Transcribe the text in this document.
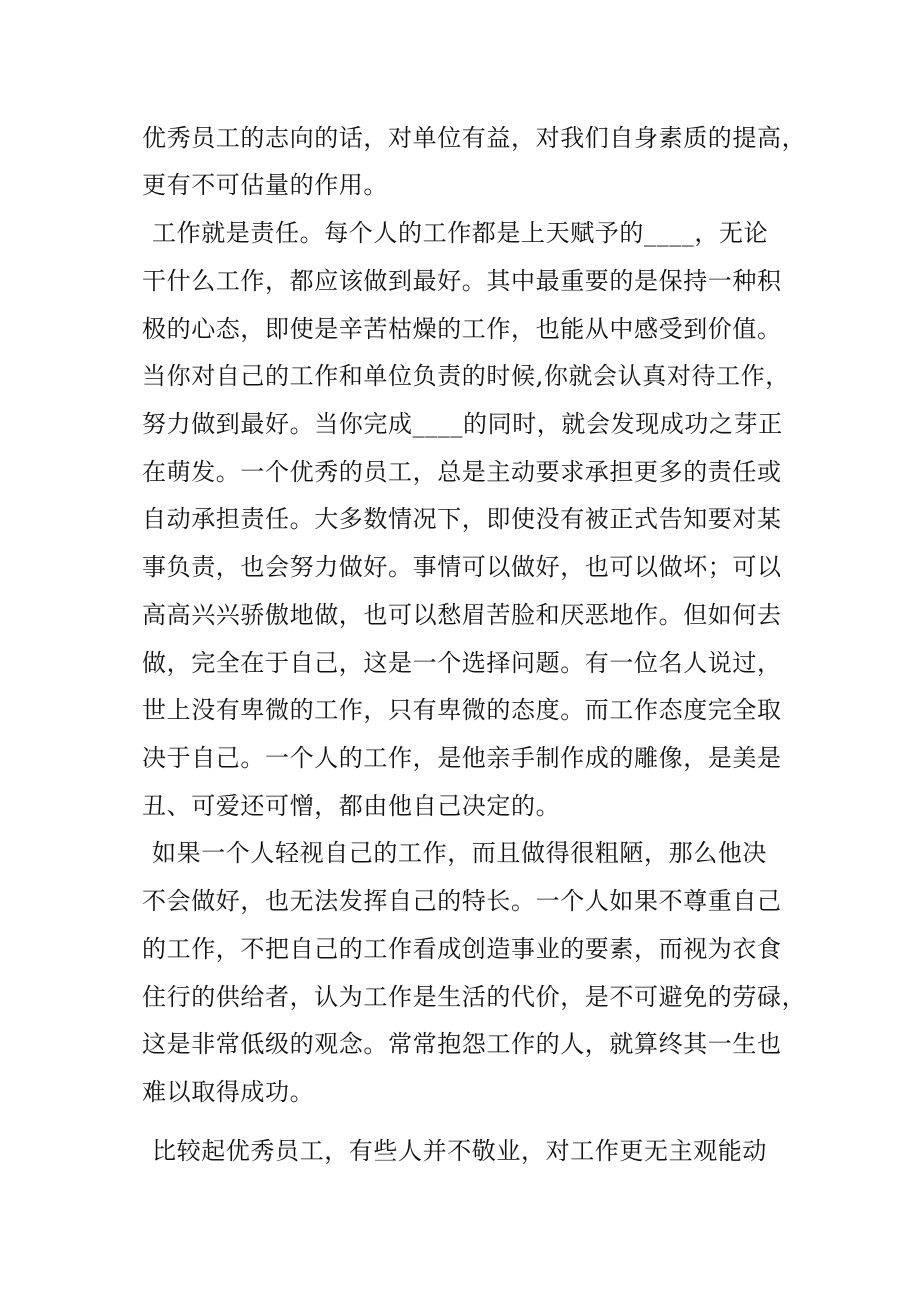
优秀员工的志向的话，对单位有益，对我们自身素质的提高，
更有不可估量的作用。
工作就是责任。每个人的工作都是上天赋予的____，无论
干什么工作，都应该做到最好。其中最重要的是保持一种积
极的心态，即使是辛苦枯燥的工作，也能从中感受到价值。
当你对自己的工作和单位负责的时候,你就会认真对待工作，
努力做到最好。当你完成____的同时，就会发现成功之芽正
在萌发。一个优秀的员工，总是主动要求承担更多的责任或
自动承担责任。大多数情况下，即使没有被正式告知要对某
事负责，也会努力做好。事情可以做好，也可以做坏；可以
高高兴兴骄傲地做，也可以愁眉苦脸和厌恶地作。但如何去
做，完全在于自己，这是一个选择问题。有一位名人说过，
世上没有卑微的工作，只有卑微的态度。而工作态度完全取
决于自己。一个人的工作，是他亲手制作成的雕像，是美是
丑、可爱还可憎，都由他自己决定的。
如果一个人轻视自己的工作，而且做得很粗陋，那么他决
不会做好，也无法发挥自己的特长。一个人如果不尊重自己
的工作，不把自己的工作看成创造事业的要素，而视为衣食
住行的供给者，认为工作是生活的代价，是不可避免的劳碌，
这是非常低级的观念。常常抱怨工作的人，就算终其一生也
难以取得成功。
比较起优秀员工，有些人并不敬业，对工作更无主观能动
